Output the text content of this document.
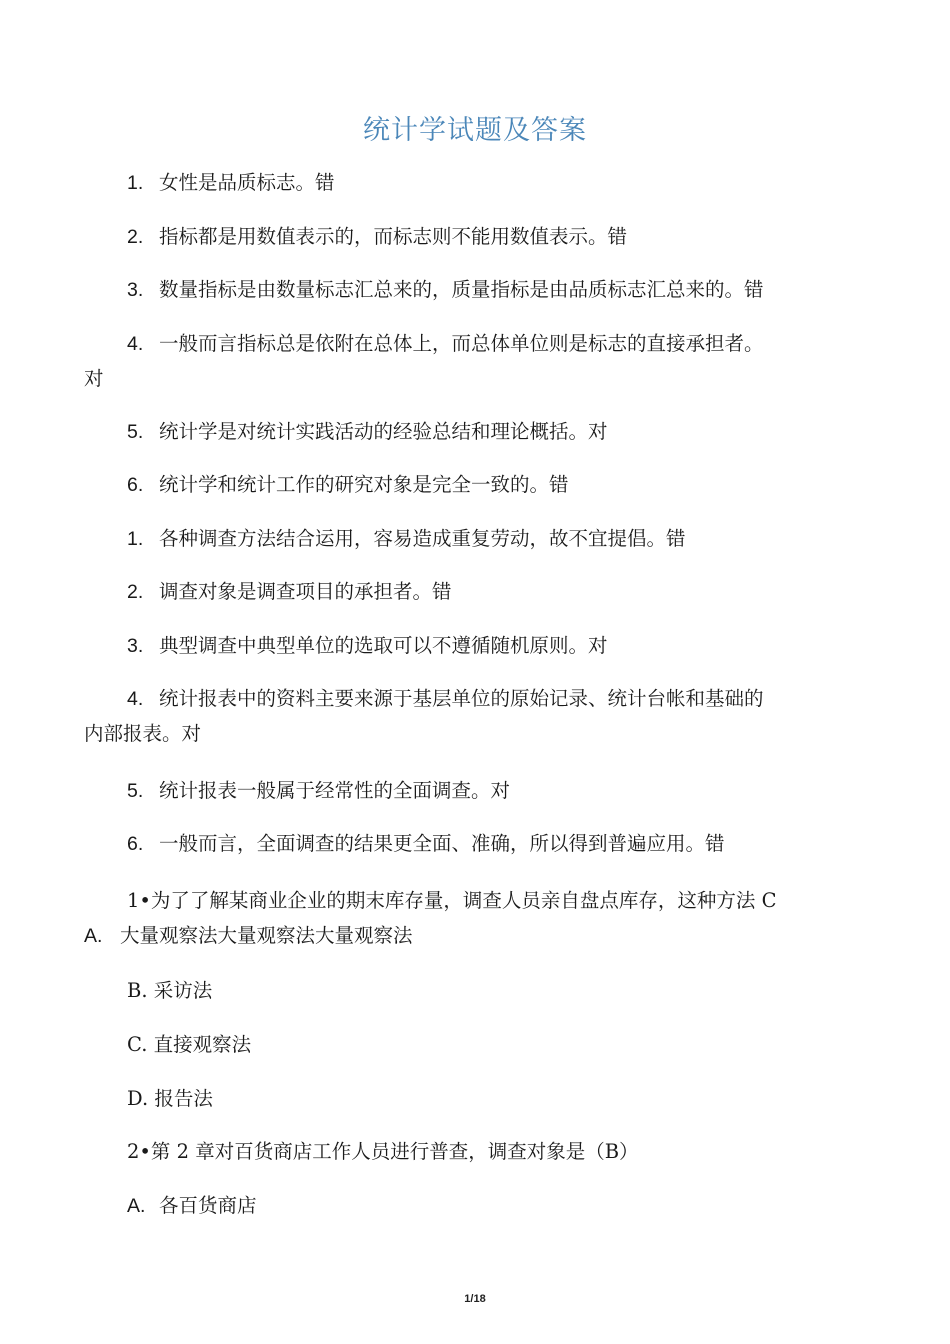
统计学试题及答案
1. 女性是品质标志。错
2. 指标都是用数值表示的，而标志则不能用数值表示。错
3. 数量指标是由数量标志汇总来的，质量指标是由品质标志汇总来的。错
4. 一般而言指标总是依附在总体上，而总体单位则是标志的直接承担者。
对
5. 统计学是对统计实践活动的经验总结和理论概括。对
6. 统计学和统计工作的研究对象是完全一致的。错
1. 各种调查方法结合运用，容易造成重复劳动，故不宜提倡。错
2. 调查对象是调查项目的承担者。错
3. 典型调查中典型单位的选取可以不遵循随机原则。对
4. 统计报表中的资料主要来源于基层单位的原始记录、统计台帐和基础的
内部报表。对
5. 统计报表一般属于经常性的全面调查。对
6. 一般而言，全面调查的结果更全面、准确，所以得到普遍应用。错
1•为了了解某商业企业的期末库存量，调查人员亲自盘点库存，这种方法 C
A. 大量观察法大量观察法大量观察法
B. 采访法
C. 直接观察法
D. 报告法
2•第 2 章对百货商店工作人员进行普查，调查对象是（B）
A. 各百货商店
1/18
